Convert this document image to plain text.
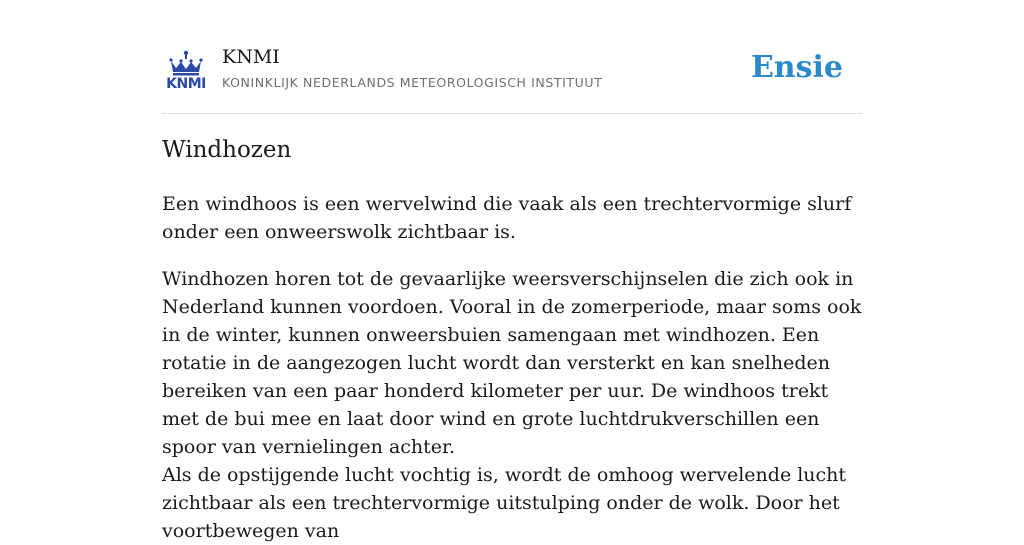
KNMI
KNMI
KONINKLIJK NEDERLANDS METEOROLOGISCH INSTITUUT	Ensie
Windhozen

Een windhoos is een wervelwind die vaak als een trechtervormige slurf onder een onweerswolk zichtbaar is.

Windhozen horen tot de gevaarlijke weersverschijnselen die zich ook in Nederland kunnen voordoen. Vooral in de zomerperiode, maar soms ook in de winter, kunnen onweersbuien samengaan met windhozen. Een rotatie in de aangezogen lucht wordt dan versterkt en kan snelheden bereiken van een paar honderd kilometer per uur. De windhoos trekt met de bui mee en laat door wind en grote luchtdrukverschillen een spoor van vernielingen achter.

Als de opstijgende lucht vochtig is, wordt de omhoog wervelende lucht zichtbaar als een trechtervormige uitstulping onder de wolk. Door het voortbewegen van
